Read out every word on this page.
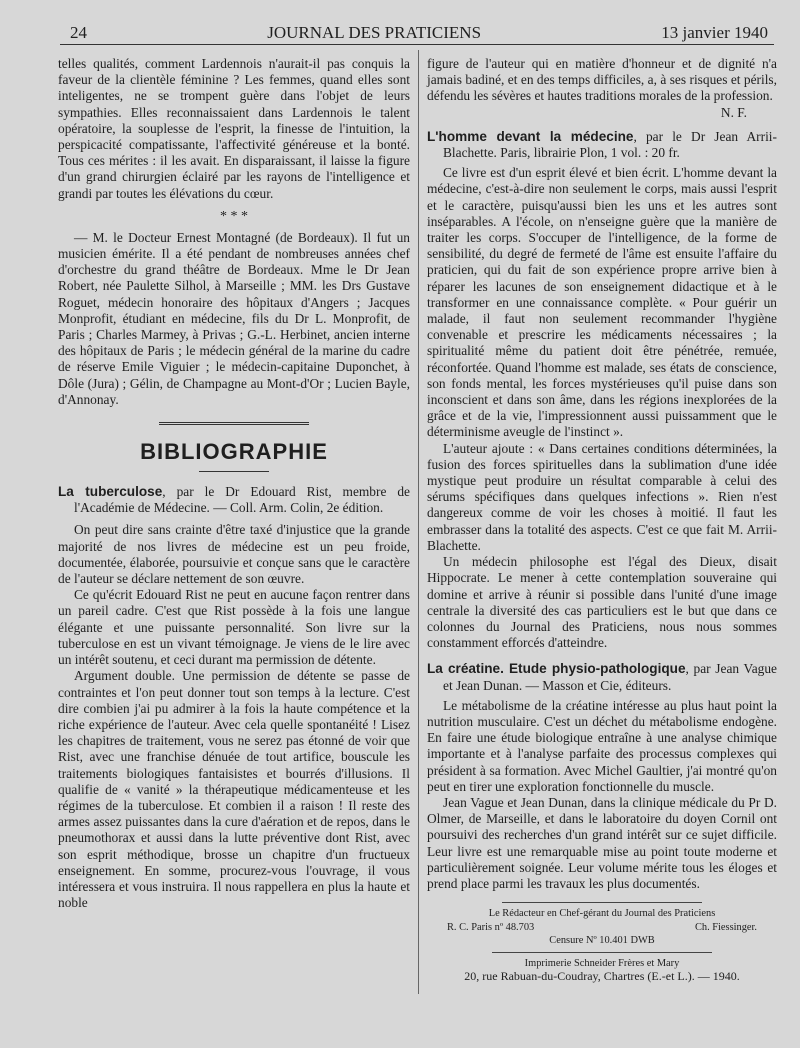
24	JOURNAL DES PRATICIENS	13 janvier 1940

telles qualités, comment Lardennois n'aurait-il pas conquis la faveur de la clientèle féminine ? Les femmes, quand elles sont inteligentes, ne se trompent guère dans l'objet de leurs sympathies. Elles reconnaissaient dans Lardennois le talent opératoire, la souplesse de l'esprit, la finesse de l'intuition, la perspicacité compatissante, l'affectivité généreuse et la bonté. Tous ces mérites : il les avait. En disparaissant, il laisse la figure d'un grand chirurgien éclairé par les rayons de l'intelligence et grandi par toutes les élévations du cœur.

* * *

— M. le Docteur Ernest Montagné (de Bordeaux). Il fut un musicien émérite. Il a été pendant de nombreuses années chef d'orchestre du grand théâtre de Bordeaux. Mme le Dr Jean Robert, née Paulette Silhol, à Marseille ; MM. les Drs Gustave Roguet, médecin honoraire des hôpitaux d'Angers ; Jacques Monprofit, étudiant en médecine, fils du Dr L. Monprofit, de Paris ; Charles Marmey, à Privas ; G.-L. Herbinet, ancien interne des hôpitaux de Paris ; le médecin général de la marine du cadre de réserve Emile Viguier ; le médecin-capitaine Duponchet, à Dôle (Jura) ; Gélin, de Champagne au Mont-d'Or ; Lucien Bayle, d'Annonay.

BIBLIOGRAPHIE

La tuberculose, par le Dr Edouard Rist, membre de l'Académie de Médecine. — Coll. Arm. Colin, 2e édition.

On peut dire sans crainte d'être taxé d'injustice que la grande majorité de nos livres de médecine est un peu froide, documentée, élaborée, poursuivie et conçue sans que le caractère de l'auteur se déclare nettement de son œuvre.

Ce qu'écrit Edouard Rist ne peut en aucune façon rentrer dans un pareil cadre. C'est que Rist possède à la fois une langue élégante et une puissante personnalité. Son livre sur la tuberculose en est un vivant témoignage. Je viens de le lire avec un intérêt soutenu, et ceci durant ma permission de détente.

Argument double. Une permission de détente se passe de contraintes et l'on peut donner tout son temps à la lecture. C'est dire combien j'ai pu admirer à la fois la haute compétence et la riche expérience de l'auteur. Avec cela quelle spontanéité ! Lisez les chapitres de traitement, vous ne serez pas étonné de voir que Rist, avec une franchise dénuée de tout artifice, bouscule les traitements biologiques fantaisistes et bourrés d'illusions. Il qualifie de « vanité » la thérapeutique médicamenteuse et les régimes de la tuberculose. Et combien il a raison ! Il reste des armes assez puissantes dans la cure d'aération et de repos, dans le pneumothorax et aussi dans la lutte préventive dont Rist, avec son esprit méthodique, brosse un chapitre d'un fructueux enseignement. En somme, procurez-vous l'ouvrage, il vous intéressera et vous instruira. Il nous rappellera en plus la haute et noble

figure de l'auteur qui en matière d'honneur et de dignité n'a jamais badiné, et en des temps difficiles, a, à ses risques et périls, défendu les sévères et hautes traditions morales de la profession.

N. F.

L'homme devant la médecine, par le Dr Jean Arrii-Blachette. Paris, librairie Plon, 1 vol. : 20 fr.

Ce livre est d'un esprit élevé et bien écrit. L'homme devant la médecine, c'est-à-dire non seulement le corps, mais aussi l'esprit et le caractère, puisqu'aussi bien les uns et les autres sont inséparables. A l'école, on n'enseigne guère que la manière de traiter les corps. S'occuper de l'intelligence, de la forme de sensibilité, du degré de fermeté de l'âme est ensuite l'affaire du praticien, qui du fait de son expérience propre arrive bien à réparer les lacunes de son enseignement didactique et à le transformer en une connaissance complète. « Pour guérir un malade, il faut non seulement recommander l'hygiène convenable et prescrire les médicaments nécessaires ; la spiritualité même du patient doit être pénétrée, remuée, réconfortée. Quand l'homme est malade, ses états de conscience, son fonds mental, les forces mystérieuses qu'il puise dans son inconscient et dans son âme, dans les régions inexplorées de la grâce et de la vie, l'impressionnent aussi puissamment que le déterminisme aveugle de l'instinct ».

L'auteur ajoute : « Dans certaines conditions déterminées, la fusion des forces spirituelles dans la sublimation d'une idée mystique peut produire un résultat comparable à celui des sérums spécifiques dans quelques infections ». Rien n'est dangereux comme de voir les choses à moitié. Il faut les embrasser dans la totalité des aspects. C'est ce que fait M. Arrii-Blachette.

Un médecin philosophe est l'égal des Dieux, disait Hippocrate. Le mener à cette contemplation souveraine qui domine et arrive à réunir si possible dans l'unité d'une image centrale la diversité des cas particuliers est le but que dans ce colonnes du Journal des Praticiens, nous nous sommes constamment efforcés d'atteindre.

La créatine. Etude physio-pathologique, par Jean Vague et Jean Dunan. — Masson et Cie, éditeurs.

Le métabolisme de la créatine intéresse au plus haut point la nutrition musculaire. C'est un déchet du métabolisme endogène. En faire une étude biologique entraîne à une analyse chimique importante et à l'analyse parfaite des processus complexes qui président à sa formation. Avec Michel Gaultier, j'ai montré qu'on peut en tirer une exploration fonctionnelle du muscle.

Jean Vague et Jean Dunan, dans la clinique médicale du Pr D. Olmer, de Marseille, et dans le laboratoire du doyen Cornil ont poursuivi des recherches d'un grand intérêt sur ce sujet difficile. Leur livre est une remarquable mise au point toute moderne et particulièrement soignée. Leur volume mérite tous les éloges et prend place parmi les travaux les plus documentés.

Le Rédacteur en Chef-gérant du Journal des Praticiens
R. C. Paris nº 48.703	Ch. Fiessinger.
Censure Nº 10.401 DWB
Imprimerie Schneider Frères et Mary
20, rue Rabuan-du-Coudray, Chartres (E.-et L.). — 1940.
